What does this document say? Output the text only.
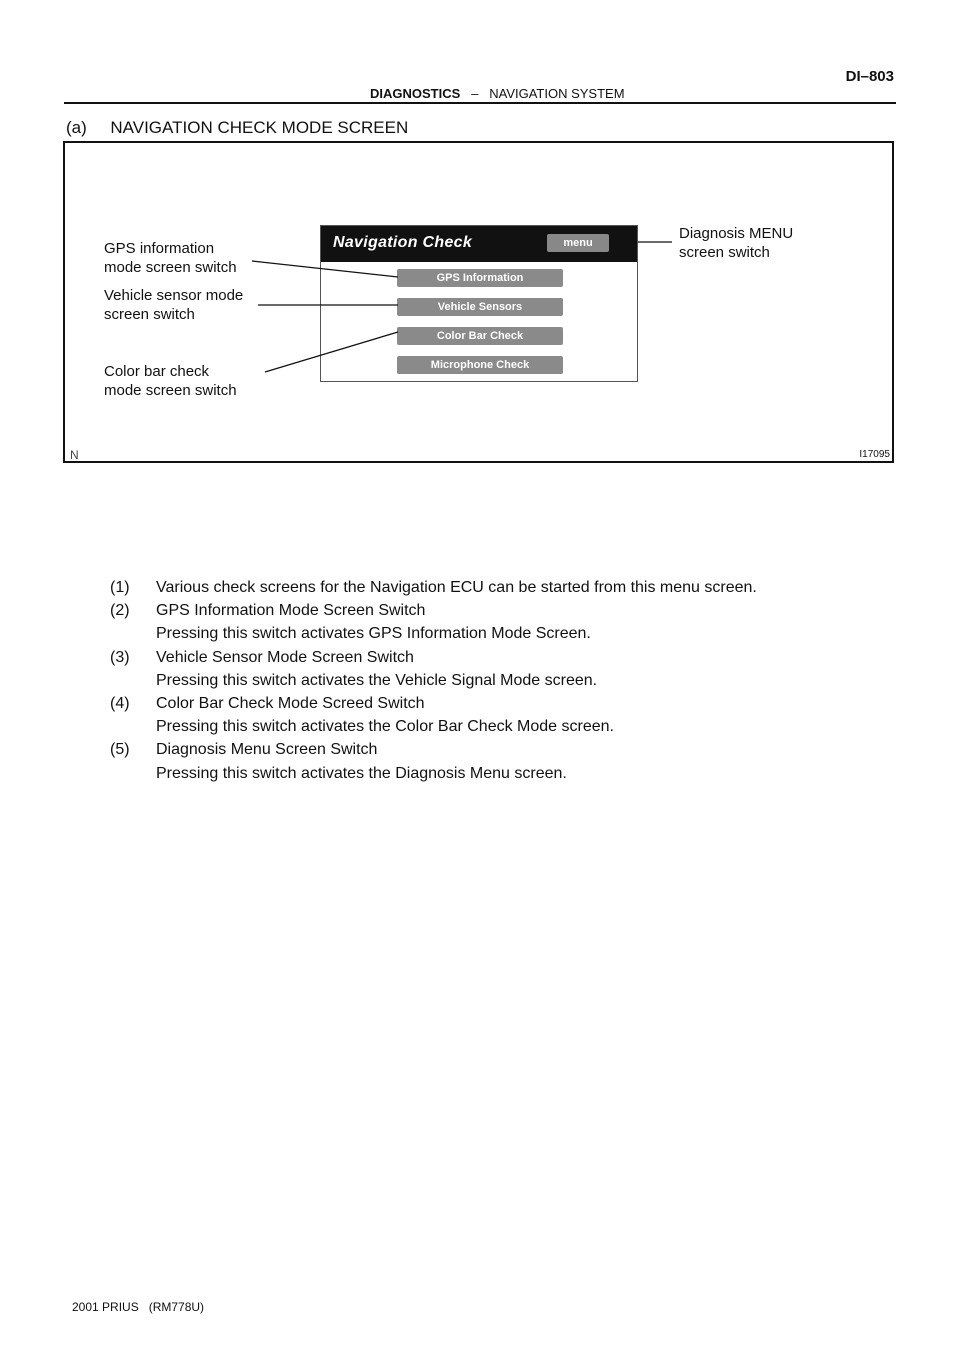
DIAGNOSTICS – NAVIGATION SYSTEM
DI–803
(a)     NAVIGATION CHECK MODE SCREEN
GPS information
mode screen switch
Vehicle sensor mode
screen switch
Color bar check
mode screen switch
Diagnosis MENU
screen switch
Navigation Check	menu
GPS Information
Vehicle Sensors
Color Bar Check
Microphone Check
N	I17095
(1) Various check screens for the Navigation ECU can be started from this menu screen.
(2) GPS Information Mode Screen Switch
Pressing this switch activates GPS Information Mode Screen.
(3) Vehicle Sensor Mode Screen Switch
Pressing this switch activates the Vehicle Signal Mode screen.
(4) Color Bar Check Mode Screed Switch
Pressing this switch activates the Color Bar Check Mode screen.
(5) Diagnosis Menu Screen Switch
Pressing this switch activates the Diagnosis Menu screen.
2001 PRIUS   (RM778U)
